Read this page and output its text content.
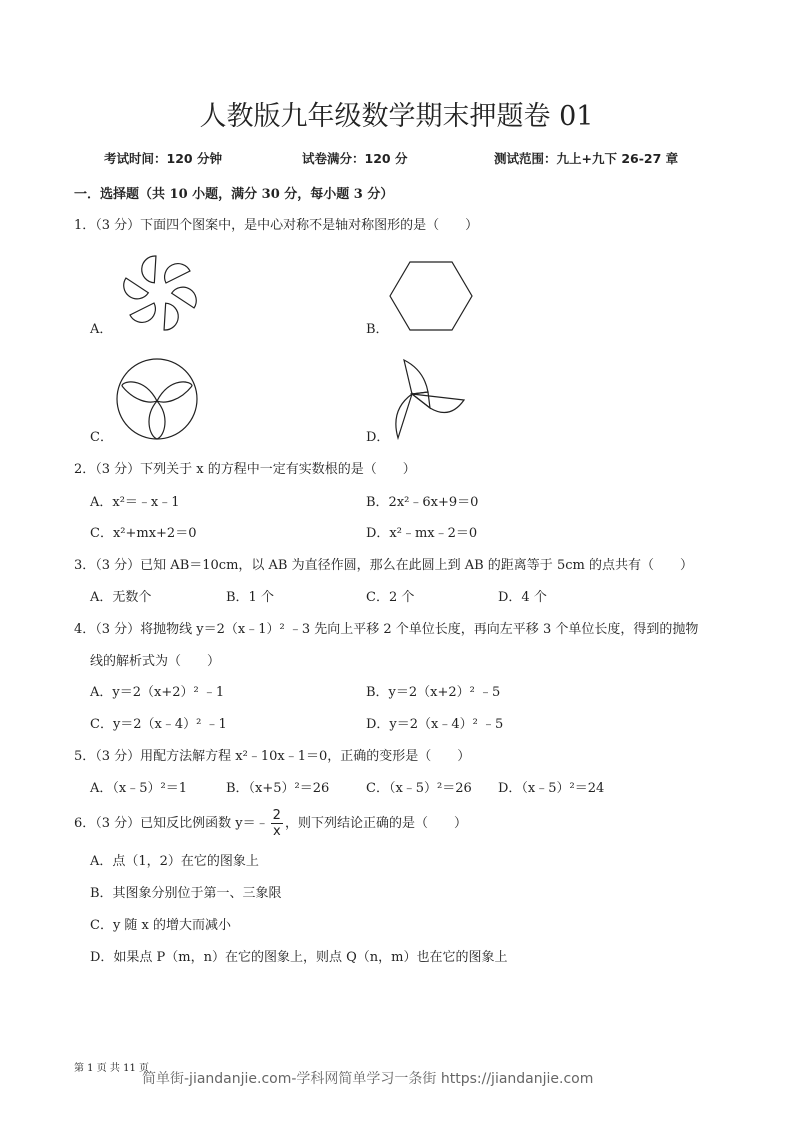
人教版九年级数学期末押题卷 01
考试时间：120 分钟	试卷满分：120 分	测试范围：九上+九下 26-27 章
一．选择题（共 10 小题，满分 30 分，每小题 3 分）
1．（3 分）下面四个图案中，是中心对称不是轴对称图形的是（　　）
A．	B．
C．	D．
2．（3 分）下列关于 x 的方程中一定有实数根的是（　　）
A．x²＝﹣x﹣1	B．2x²﹣6x+9＝0
C．x²+mx+2＝0	D．x²﹣mx﹣2＝0
3．（3 分）已知 AB＝10cm，以 AB 为直径作圆，那么在此圆上到 AB 的距离等于 5cm 的点共有（　　）
A．无数个	B．1 个	C．2 个	D．4 个
4．（3 分）将抛物线 y＝2（x﹣1）² ﹣3 先向上平移 2 个单位长度，再向左平移 3 个单位长度，得到的抛物
线的解析式为（　　）
A．y＝2（x+2）² ﹣1	B．y＝2（x+2）² ﹣5
C．y＝2（x﹣4）² ﹣1	D．y＝2（x﹣4）² ﹣5
5．（3 分）用配方法解方程 x²﹣10x﹣1＝0，正确的变形是（　　）
A．（x﹣5）²＝1	B．（x+5）²＝26	C．（x﹣5）²＝26 D．（x﹣5）²＝24
6．（3 分）已知反比例函数 y＝﹣ $\frac{2}{x}$ ，则下列结论正确的是（　　）
A．点（1，2）在它的图象上
B．其图象分别位于第一、三象限
C．y 随 x 的增大而减小
D．如果点 P（m，n）在它的图象上，则点 Q（n，m）也在它的图象上
第 1 页 共 11 页
简单街-jiandanjie.com-学科网简单学习一条街 https://jiandanjie.com
